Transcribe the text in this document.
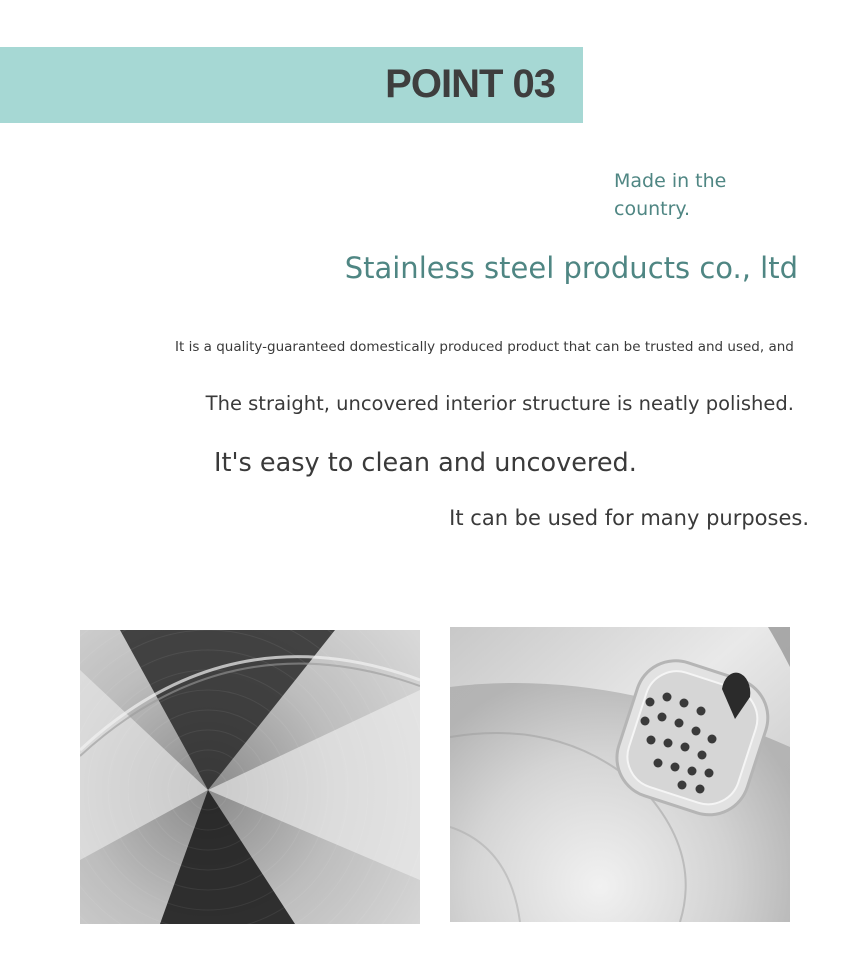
POINT 03
Made in the country.
Stainless steel products co., ltd
It is a quality-guaranteed domestically produced product that can be trusted and used, and
The straight, uncovered interior structure is neatly polished.
It's easy to clean and uncovered.
It can be used for many purposes.
